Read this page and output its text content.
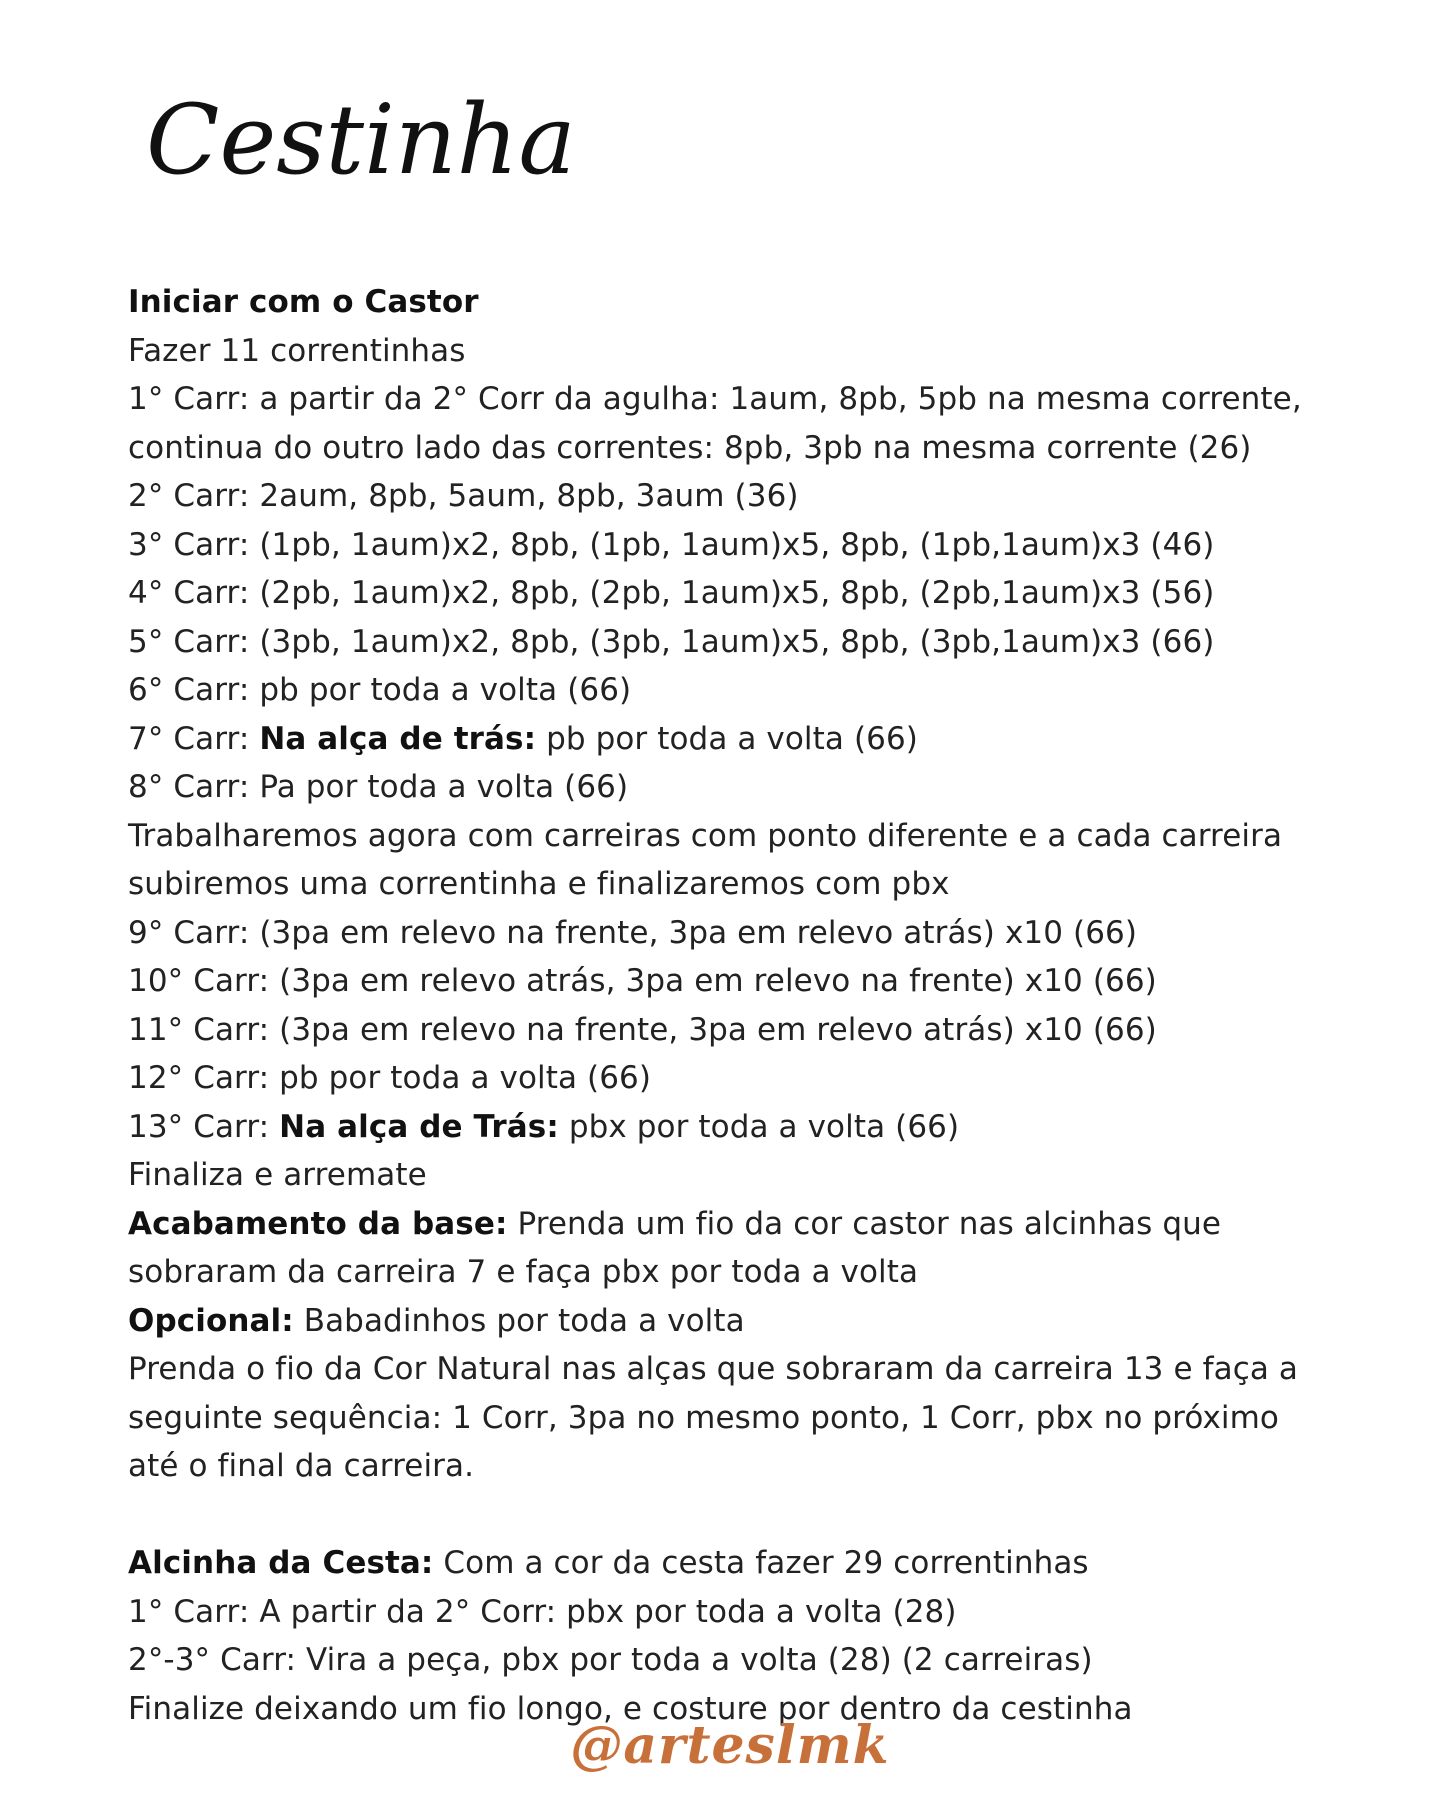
Cestinha
Iniciar com o Castor
Fazer 11 correntinhas
1° Carr: a partir da 2° Corr da agulha: 1aum, 8pb, 5pb na mesma corrente,
continua do outro lado das correntes: 8pb, 3pb na mesma corrente (26)
2° Carr: 2aum, 8pb, 5aum, 8pb, 3aum (36)
3° Carr: (1pb, 1aum)x2, 8pb, (1pb, 1aum)x5, 8pb, (1pb,1aum)x3 (46)
4° Carr: (2pb, 1aum)x2, 8pb, (2pb, 1aum)x5, 8pb, (2pb,1aum)x3 (56)
5° Carr: (3pb, 1aum)x2, 8pb, (3pb, 1aum)x5, 8pb, (3pb,1aum)x3 (66)
6° Carr: pb por toda a volta (66)
7° Carr: Na alça de trás: pb por toda a volta (66)
8° Carr: Pa por toda a volta (66)
Trabalharemos agora com carreiras com ponto diferente e a cada carreira
subiremos uma correntinha e finalizaremos com pbx
9° Carr: (3pa em relevo na frente, 3pa em relevo atrás) x10 (66)
10° Carr: (3pa em relevo atrás, 3pa em relevo na frente) x10 (66)
11° Carr: (3pa em relevo na frente, 3pa em relevo atrás) x10 (66)
12° Carr: pb por toda a volta (66)
13° Carr: Na alça de Trás: pbx por toda a volta (66)
Finaliza e arremate
Acabamento da base: Prenda um fio da cor castor nas alcinhas que
sobraram da carreira 7 e faça pbx por toda a volta
Opcional: Babadinhos por toda a volta
Prenda o fio da Cor Natural nas alças que sobraram da carreira 13 e faça a
seguinte sequência: 1 Corr, 3pa no mesmo ponto, 1 Corr, pbx no próximo
até o final da carreira.
Alcinha da Cesta: Com a cor da cesta fazer 29 correntinhas
1° Carr: A partir da 2° Corr: pbx por toda a volta (28)
2°-3° Carr: Vira a peça, pbx por toda a volta (28) (2 carreiras)
Finalize deixando um fio longo, e costure por dentro da cestinha
@arteslmk
